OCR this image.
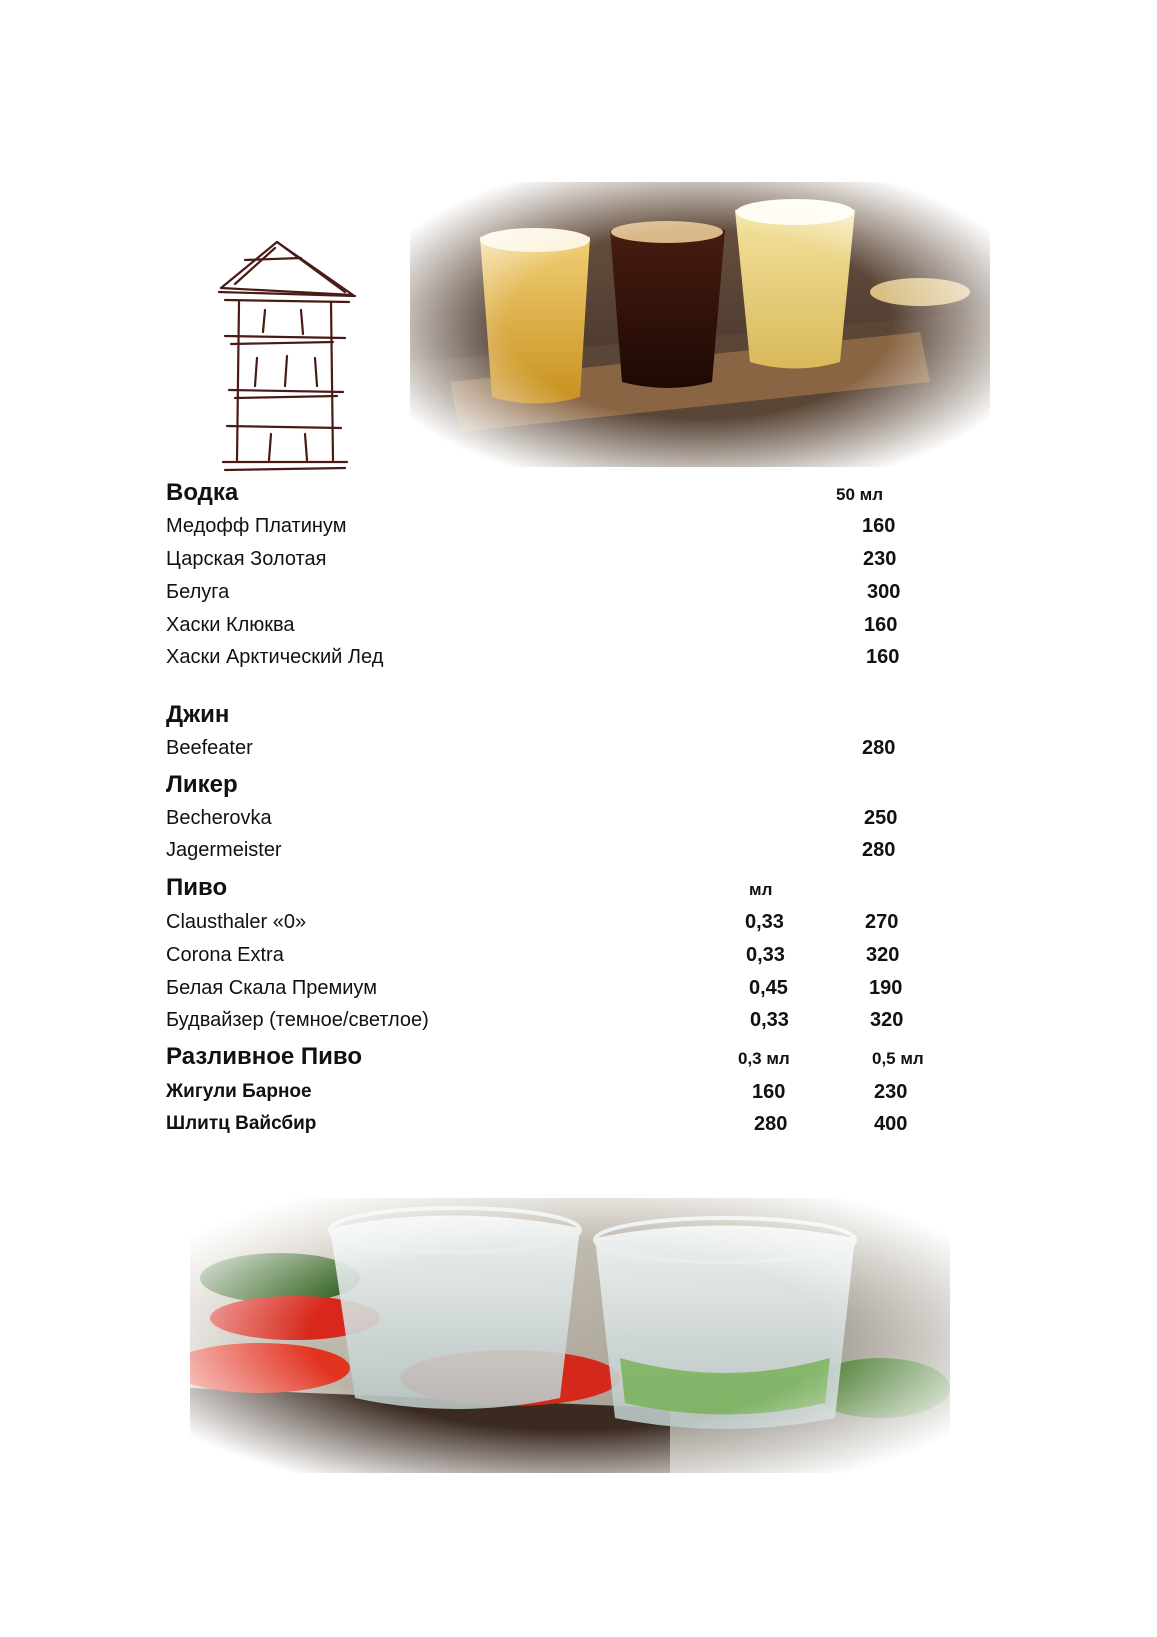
Водка	50 мл
Медофф Платинум	160
Царская Золотая	230
Белуга	300
Хаски Клюква	160
Хаски Арктический Лед	160
Джин
Beefeater	280
Ликер
Becherovka	250
Jagermeister	280
Пиво	мл
Clausthaler «0»	0,33	270
Corona Extra	0,33	320
Белая Скала Премиум	0,45	190
Будвайзер (темное/светлое)	0,33	320
Разливное Пиво	0,3 мл	0,5 мл
Жигули Барное	160	230
Шлитц Вайсбир	280	400
